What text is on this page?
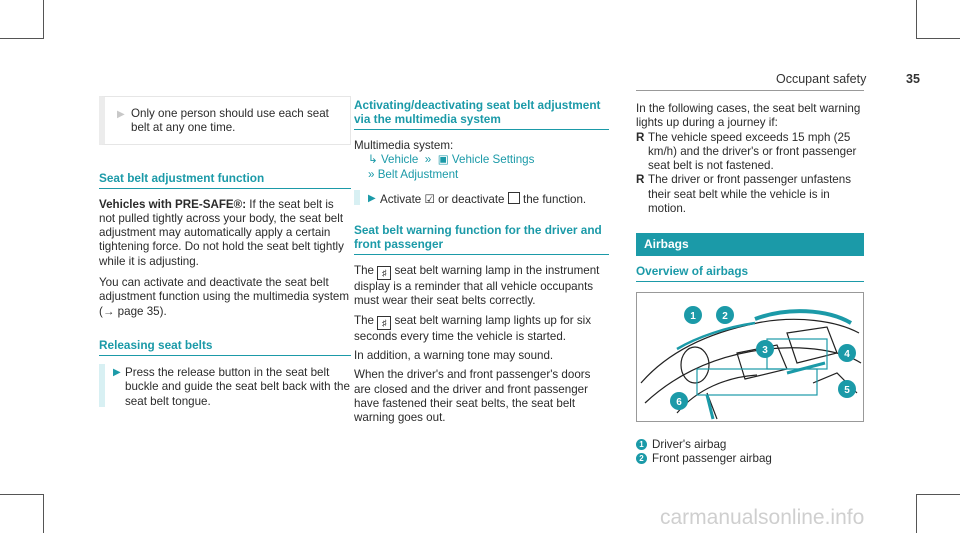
Occupant safety	35
▶ Only one person should use each seat belt at any one time.

Seat belt adjustment function

Vehicles with PRE-SAFE®: If the seat belt is not pulled tightly across your body, the seat belt adjustment may automatically apply a certain tightening force. Do not hold the seat belt tightly while it is adjusting.

You can activate and deactivate the seat belt adjustment function using the multimedia system (→ page 35).

Releasing seat belts
▶ Press the release button in the seat belt buckle and guide the seat belt back with the seat belt tongue.

Activating/deactivating seat belt adjustment via the multimedia system

Multimedia system:

↳ Vehicle  »  ▣ Vehicle Settings

» Belt Adjustment

▶ Activate ☑ or deactivate the function.

Seat belt warning function for the driver and front passenger

The ♯ seat belt warning lamp in the instrument display is a reminder that all vehicle occupants must wear their seat belts correctly.

The ♯ seat belt warning lamp lights up for six seconds every time the vehicle is started.

In addition, a warning tone may sound.

When the driver's and front passenger's doors are closed and the driver and front passenger have fastened their seat belts, the seat belt warning goes out.

In the following cases, the seat belt warning lights up during a journey if:

R The vehicle speed exceeds 15 mph (25 km/h) and the driver's or front passenger seat belt is not fastened.

R The driver or front passenger unfastens their seat belt while the vehicle is in motion.

Airbags
Overview of airbags
1	2
3	4
5
6
1 Driver's airbag
2 Front passenger airbag
carmanualsonline.info
